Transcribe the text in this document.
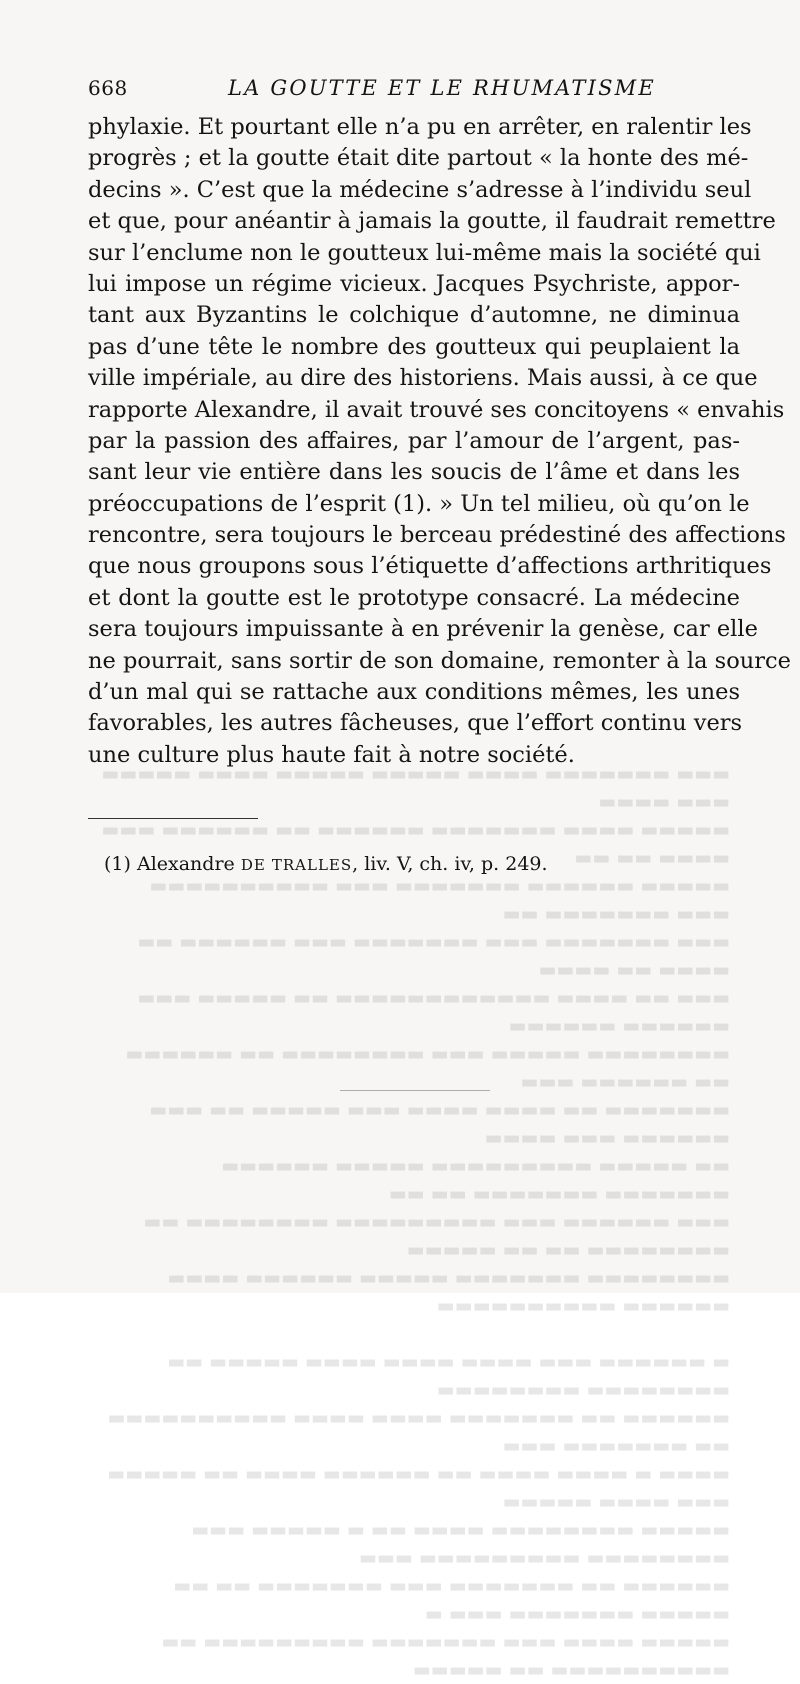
▬▬▬ ▬▬▬▬▬▬▬ ▬▬▬▬ ▬▬▬▬▬ ▬▬▬▬▬ ▬▬▬▬ ▬▬▬▬▬ ▬▬▬ ▬▬▬▬
▬▬▬▬▬ ▬▬▬▬ ▬▬▬▬▬▬▬ ▬▬▬▬▬▬ ▬▬ ▬▬▬▬▬▬ ▬▬▬ ▬▬▬▬ ▬▬ ▬▬
▬▬▬▬▬ ▬▬▬▬▬▬ ▬▬▬▬▬▬▬ ▬▬▬ ▬▬▬▬▬▬▬▬▬▬ ▬▬▬ ▬▬▬▬▬▬▬ ▬▬
▬▬▬ ▬▬▬▬▬▬▬ ▬▬▬ ▬▬▬▬▬▬▬ ▬▬▬ ▬▬▬▬▬▬ ▬▬ ▬▬▬▬ ▬▬ ▬▬▬▬
▬▬▬ ▬▬ ▬▬▬▬ ▬▬▬▬▬▬▬▬▬▬▬▬ ▬▬ ▬▬▬▬▬ ▬▬▬ ▬▬▬▬▬▬ ▬▬▬▬▬▬
▬▬▬▬▬▬▬▬ ▬▬▬▬▬ ▬▬▬ ▬▬▬▬▬▬▬▬ ▬▬ ▬▬▬▬▬▬ ▬▬ ▬▬▬▬▬▬ ▬▬▬
▬▬▬▬▬▬▬ ▬▬ ▬▬▬▬ ▬▬▬▬ ▬▬▬ ▬▬▬▬▬ ▬▬ ▬▬▬ ▬▬▬▬▬▬ ▬▬▬ ▬▬▬▬
▬▬ ▬▬▬▬▬ ▬▬▬▬▬▬▬▬▬ ▬▬▬▬▬ ▬▬▬▬▬▬ ▬▬▬▬▬▬▬ ▬▬▬▬▬▬▬ ▬▬ ▬▬
▬▬▬ ▬▬▬▬▬▬ ▬▬▬ ▬▬▬▬▬▬▬▬▬ ▬▬▬▬▬▬▬▬ ▬▬ ▬▬▬▬▬▬▬▬ ▬▬ ▬▬ ▬▬▬▬▬
▬▬▬▬▬▬▬▬ ▬▬▬▬▬▬▬ ▬▬▬▬▬ ▬▬▬▬▬▬ ▬▬▬▬ ▬▬▬▬▬▬ ▬▬▬▬▬▬▬▬▬▬

▬ ▬▬▬▬▬▬ ▬▬▬ ▬▬▬▬ ▬▬▬▬ ▬▬▬▬ ▬▬▬▬▬ ▬▬ ▬▬▬▬▬▬▬▬ ▬▬▬▬▬▬▬▬
▬▬▬▬▬▬ ▬▬ ▬▬▬▬▬▬▬ ▬▬▬▬ ▬▬▬▬ ▬▬▬▬▬▬▬▬▬▬ ▬▬ ▬▬▬▬▬▬▬ ▬▬▬
▬▬▬▬ ▬ ▬▬▬▬ ▬▬▬▬ ▬▬ ▬▬▬▬▬▬ ▬▬▬▬ ▬▬ ▬▬▬▬▬ ▬▬▬ ▬▬▬▬ ▬▬▬▬▬
▬▬▬▬▬ ▬▬▬▬▬▬▬▬ ▬▬▬▬ ▬▬ ▬ ▬▬▬▬▬ ▬▬▬ ▬▬▬▬▬▬▬▬ ▬▬▬▬▬▬▬▬▬ ▬▬▬
▬▬▬▬▬▬ ▬▬ ▬▬▬▬▬▬▬ ▬▬▬ ▬▬▬▬▬▬▬ ▬▬ ▬▬ ▬▬▬▬▬ ▬▬▬▬▬▬▬ ▬▬▬ ▬
▬▬▬▬▬ ▬▬▬▬ ▬▬▬ ▬▬▬▬▬▬▬ ▬▬▬▬▬▬▬▬▬ ▬▬ ▬▬▬▬▬▬▬▬▬▬ ▬▬ ▬▬▬▬▬
668	LA GOUTTE ET LE RHUMATISME
phylaxie. Et pourtant elle n’a pu en arrêter, en ralentir les
progrès ; et la goutte était dite partout « la honte des mé-
decins ». C’est que la médecine s’adresse à l’individu seul
et que, pour anéantir à jamais la goutte, il faudrait remettre
sur l’enclume non le goutteux lui-même mais la société qui
lui impose un régime vicieux. Jacques Psychriste, appor-
tant aux Byzantins le colchique d’automne, ne diminua
pas d’une tête le nombre des goutteux qui peuplaient la
ville impériale, au dire des historiens. Mais aussi, à ce que
rapporte Alexandre, il avait trouvé ses concitoyens « envahis
par la passion des affaires, par l’amour de l’argent, pas-
sant leur vie entière dans les soucis de l’âme et dans les
préoccupations de l’esprit (1). » Un tel milieu, où qu’on le
rencontre, sera toujours le berceau prédestiné des affections
que nous groupons sous l’étiquette d’affections arthritiques
et dont la goutte est le prototype consacré. La médecine
sera toujours impuissante à en prévenir la genèse, car elle
ne pourrait, sans sortir de son domaine, remonter à la source
d’un mal qui se rattache aux conditions mêmes, les unes
favorables, les autres fâcheuses, que l’effort continu vers
une culture plus haute fait à notre société.
(1) Alexandre DE TRALLES, liv. V, ch. iv, p. 249.
